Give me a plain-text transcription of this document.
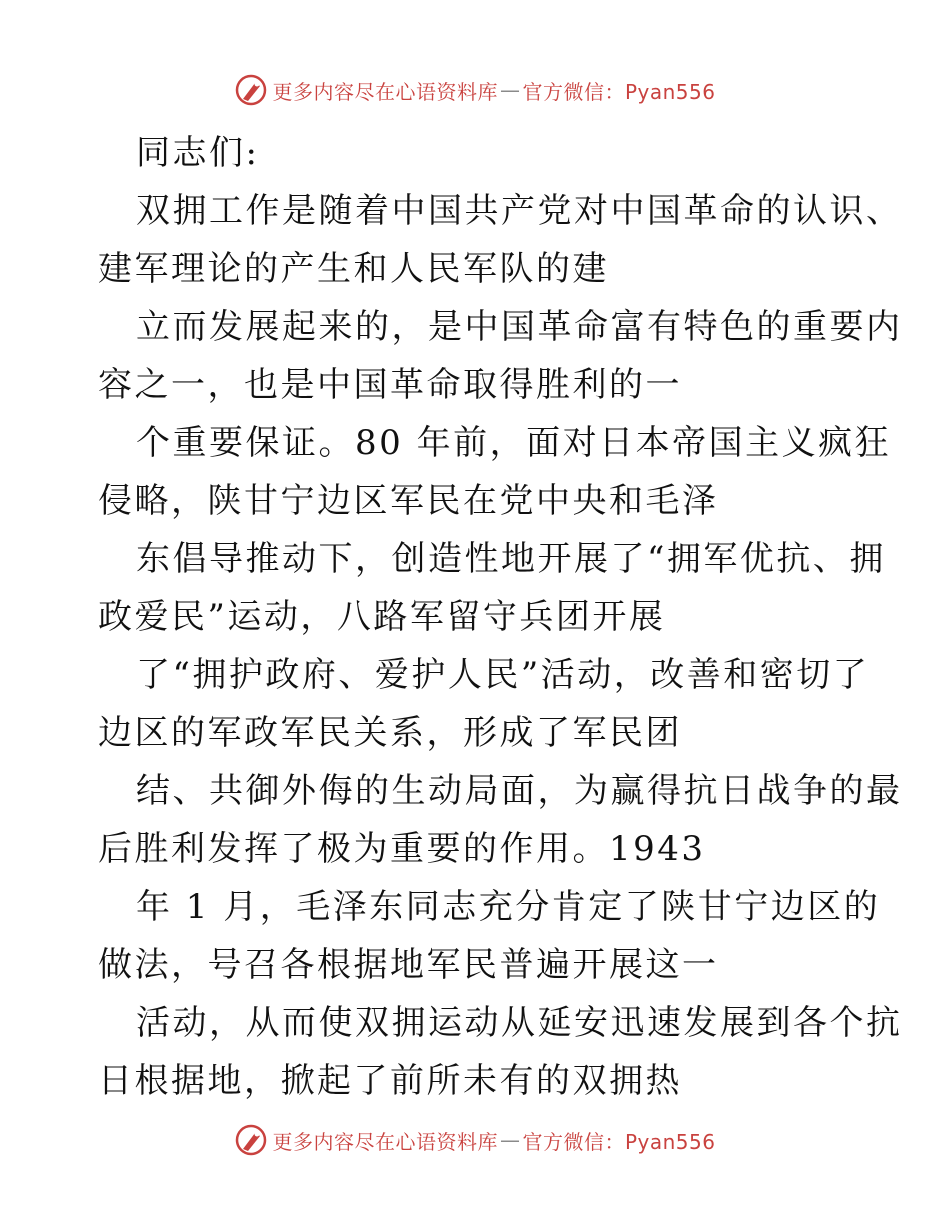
更多内容尽在心语资料库 — 官方微信：Pyan556
同志们:
双拥工作是随着中国共产党对中国革命的认识、
建军理论的产生和人民军队的建
立而发展起来的，是中国革命富有特色的重要内
容之一，也是中国革命取得胜利的一
个重要保证。80 年前，面对日本帝国主义疯狂
侵略，陕甘宁边区军民在党中央和毛泽
东倡导推动下，创造性地开展了“拥军优抗、拥
政爱民”运动，八路军留守兵团开展
了“拥护政府、爱护人民”活动，改善和密切了
边区的军政军民关系，形成了军民团
结、共御外侮的生动局面，为赢得抗日战争的最
后胜利发挥了极为重要的作用。1943
年 1 月，毛泽东同志充分肯定了陕甘宁边区的
做法，号召各根据地军民普遍开展这一
活动，从而使双拥运动从延安迅速发展到各个抗
日根据地，掀起了前所未有的双拥热
更多内容尽在心语资料库 — 官方微信：Pyan556
